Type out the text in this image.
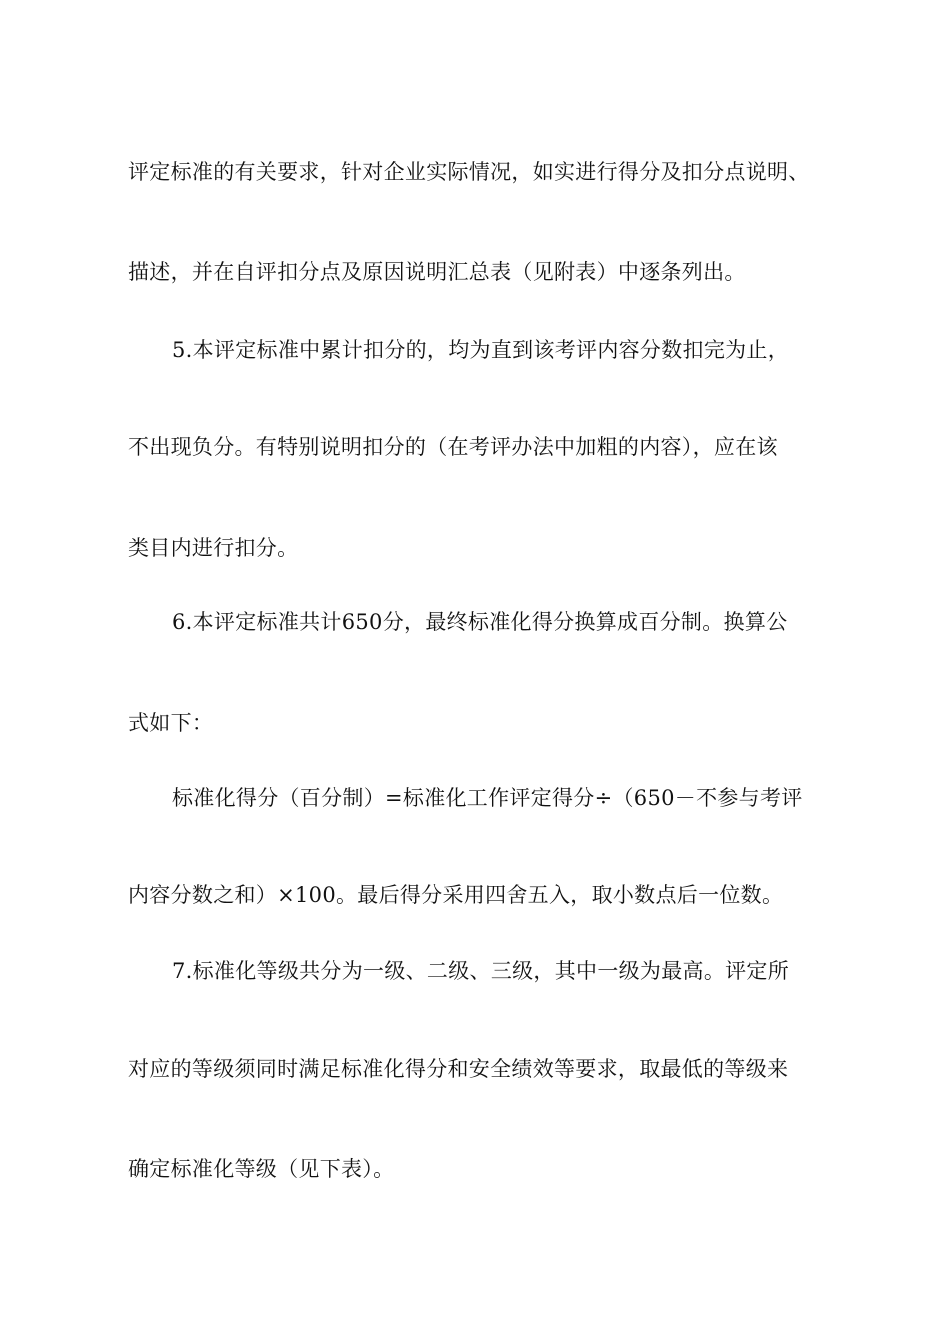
评定标准的有关要求，针对企业实际情况，如实进行得分及扣分点说明、
描述，并在自评扣分点及原因说明汇总表（见附表）中逐条列出。
5.本评定标准中累计扣分的，均为直到该考评内容分数扣完为止，
不出现负分。有特别说明扣分的（在考评办法中加粗的内容），应在该
类目内进行扣分。
6.本评定标准共计650分，最终标准化得分换算成百分制。换算公
式如下：
标准化得分（百分制）=标准化工作评定得分÷（650－不参与考评
内容分数之和）×100。最后得分采用四舍五入，取小数点后一位数。
7.标准化等级共分为一级、二级、三级，其中一级为最高。评定所
对应的等级须同时满足标准化得分和安全绩效等要求，取最低的等级来
确定标准化等级（见下表）。
